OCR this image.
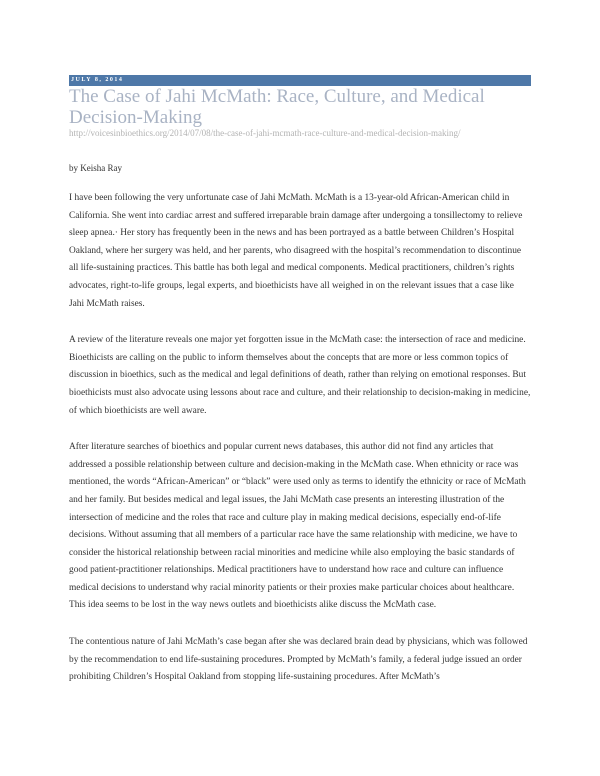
JULY 8, 2014
The Case of Jahi McMath: Race, Culture, and Medical Decision-Making
http://voicesinbioethics.org/2014/07/08/the-case-of-jahi-mcmath-race-culture-and-medical-decision-making/
by Keisha Ray

I have been following the very unfortunate case of Jahi McMath. McMath is a 13-year-old African-American child in California. She went into cardiac arrest and suffered irreparable brain damage after undergoing a tonsillectomy to relieve sleep apnea.· Her story has frequently been in the news and has been portrayed as a battle between Children’s Hospital Oakland, where her surgery was held, and her parents, who disagreed with the hospital’s recommendation to discontinue all life-sustaining practices. This battle has both legal and medical components. Medical practitioners, children’s rights advocates, right-to-life groups, legal experts, and bioethicists have all weighed in on the relevant issues that a case like Jahi McMath raises.

A review of the literature reveals one major yet forgotten issue in the McMath case: the intersection of race and medicine. Bioethicists are calling on the public to inform themselves about the concepts that are more or less common topics of discussion in bioethics, such as the medical and legal definitions of death, rather than relying on emotional responses. But bioethicists must also advocate using lessons about race and culture, and their relationship to decision-making in medicine, of which bioethicists are well aware.

After literature searches of bioethics and popular current news databases, this author did not find any articles that addressed a possible relationship between culture and decision-making in the McMath case. When ethnicity or race was mentioned, the words “African-American” or “black” were used only as terms to identify the ethnicity or race of McMath and her family. But besides medical and legal issues, the Jahi McMath case presents an interesting illustration of the intersection of medicine and the roles that race and culture play in making medical decisions, especially end-of-life decisions. Without assuming that all members of a particular race have the same relationship with medicine, we have to consider the historical relationship between racial minorities and medicine while also employing the basic standards of good patient-practitioner relationships. Medical practitioners have to understand how race and culture can influence medical decisions to understand why racial minority patients or their proxies make particular choices about healthcare. This idea seems to be lost in the way news outlets and bioethicists alike discuss the McMath case.

The contentious nature of Jahi McMath’s case began after she was declared brain dead by physicians, which was followed by the recommendation to end life-sustaining procedures. Prompted by McMath’s family, a federal judge issued an order prohibiting Children’s Hospital Oakland from stopping life-sustaining procedures. After McMath’s
